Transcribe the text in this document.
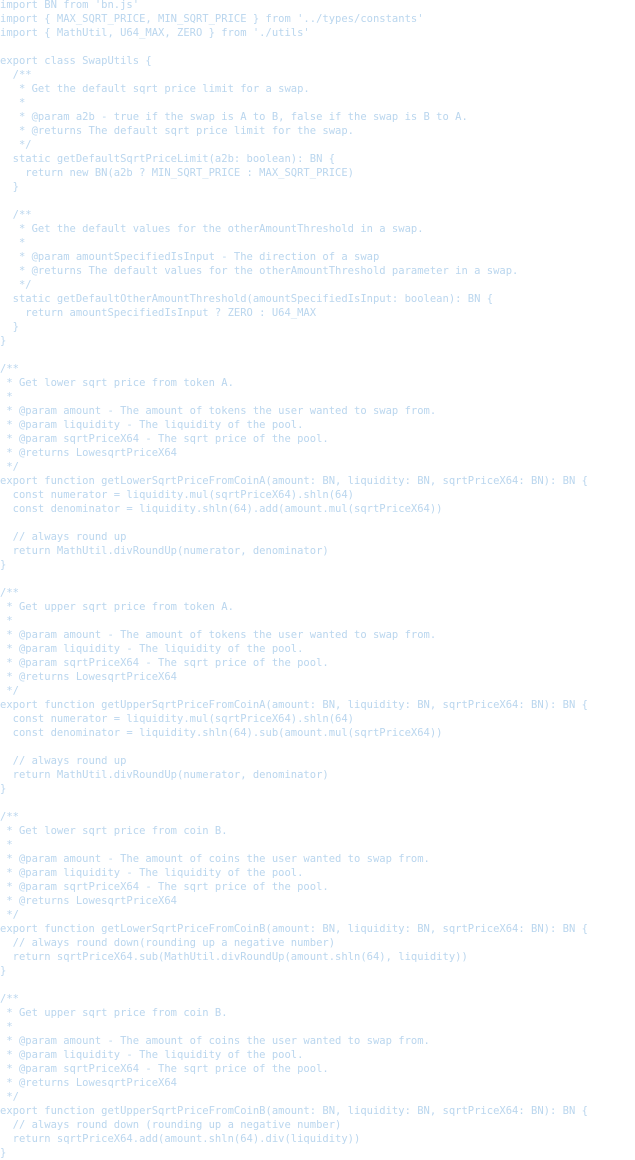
import BN from 'bn.js'
import { MAX_SQRT_PRICE, MIN_SQRT_PRICE } from '../types/constants'
import { MathUtil, U64_MAX, ZERO } from './utils'
export class SwapUtils {
/**
* Get the default sqrt price limit for a swap.
*
* @param a2b - true if the swap is A to B, false if the swap is B to A.
* @returns The default sqrt price limit for the swap.
*/
static getDefaultSqrtPriceLimit(a2b: boolean): BN {
return new BN(a2b ? MIN_SQRT_PRICE : MAX_SQRT_PRICE)
}
/**
* Get the default values for the otherAmountThreshold in a swap.
*
* @param amountSpecifiedIsInput - The direction of a swap
* @returns The default values for the otherAmountThreshold parameter in a swap.
*/
static getDefaultOtherAmountThreshold(amountSpecifiedIsInput: boolean): BN {
return amountSpecifiedIsInput ? ZERO : U64_MAX
}
}
/**
* Get lower sqrt price from token A.
*
* @param amount - The amount of tokens the user wanted to swap from.
* @param liquidity - The liquidity of the pool.
* @param sqrtPriceX64 - The sqrt price of the pool.
* @returns LowesqrtPriceX64
*/
export function getLowerSqrtPriceFromCoinA(amount: BN, liquidity: BN, sqrtPriceX64: BN): BN {
const numerator = liquidity.mul(sqrtPriceX64).shln(64)
const denominator = liquidity.shln(64).add(amount.mul(sqrtPriceX64))
// always round up
return MathUtil.divRoundUp(numerator, denominator)
}
/**
* Get upper sqrt price from token A.
*
* @param amount - The amount of tokens the user wanted to swap from.
* @param liquidity - The liquidity of the pool.
* @param sqrtPriceX64 - The sqrt price of the pool.
* @returns LowesqrtPriceX64
*/
export function getUpperSqrtPriceFromCoinA(amount: BN, liquidity: BN, sqrtPriceX64: BN): BN {
const numerator = liquidity.mul(sqrtPriceX64).shln(64)
const denominator = liquidity.shln(64).sub(amount.mul(sqrtPriceX64))
// always round up
return MathUtil.divRoundUp(numerator, denominator)
}
/**
* Get lower sqrt price from coin B.
*
* @param amount - The amount of coins the user wanted to swap from.
* @param liquidity - The liquidity of the pool.
* @param sqrtPriceX64 - The sqrt price of the pool.
* @returns LowesqrtPriceX64
*/
export function getLowerSqrtPriceFromCoinB(amount: BN, liquidity: BN, sqrtPriceX64: BN): BN {
// always round down(rounding up a negative number)
return sqrtPriceX64.sub(MathUtil.divRoundUp(amount.shln(64), liquidity))
}
/**
* Get upper sqrt price from coin B.
*
* @param amount - The amount of coins the user wanted to swap from.
* @param liquidity - The liquidity of the pool.
* @param sqrtPriceX64 - The sqrt price of the pool.
* @returns LowesqrtPriceX64
*/
export function getUpperSqrtPriceFromCoinB(amount: BN, liquidity: BN, sqrtPriceX64: BN): BN {
// always round down (rounding up a negative number)
return sqrtPriceX64.add(amount.shln(64).div(liquidity))
}
